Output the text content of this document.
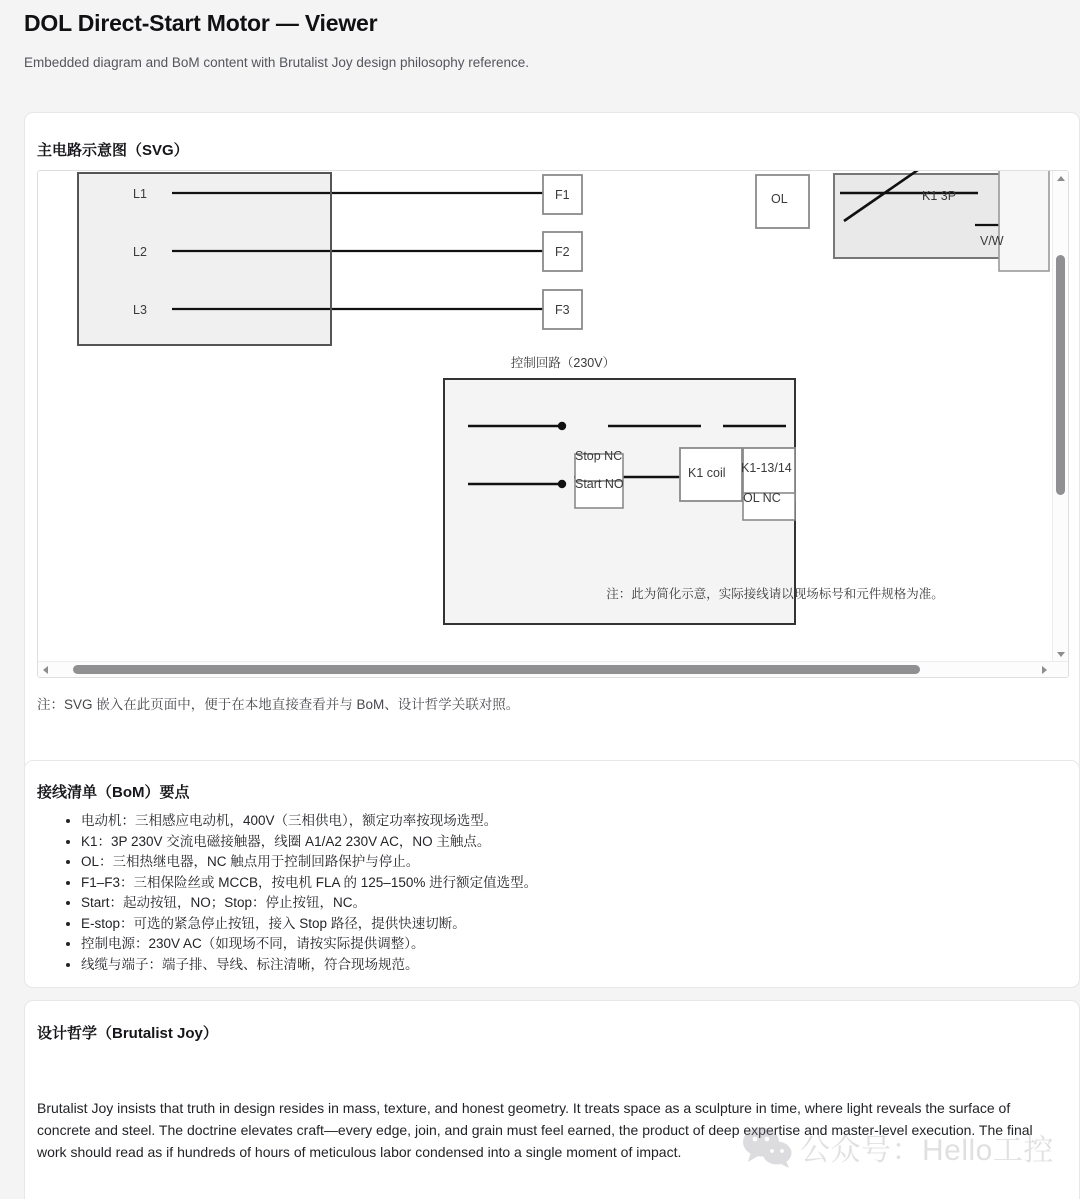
DOL Direct-Start Motor — Viewer

Embedded diagram and BoM content with Brutalist Joy design philosophy reference.

主电路示意图（SVG）
L1
L2
L3
F1
F2
F3
OL	K1 3P
V/W
控制回路（230V）
Stop NC
Start NO
K1 coil K1-13/14
OL NC
注：此为简化示意，实际接线请以现场标号和元件规格为准。
注：SVG 嵌入在此页面中，便于在本地直接查看并与 BoM、设计哲学关联对照。
接线清单（BoM）要点
• 电动机：三相感应电动机，400V（三相供电），额定功率按现场选型。
• K1：3P 230V 交流电磁接触器，线圈 A1/A2 230V AC，NO 主触点。
• OL：三相热继电器，NC 触点用于控制回路保护与停止。
• F1–F3：三相保险丝或 MCCB，按电机 FLA 的 125–150% 进行额定值选型。
• Start：起动按钮，NO；Stop：停止按钮，NC。
• E-stop：可选的紧急停止按钮，接入 Stop 路径，提供快速切断。
• 控制电源：230V AC（如现场不同，请按实际提供调整）。
• 线缆与端子：端子排、导线、标注清晰，符合现场规范。
设计哲学（Brutalist Joy）
Brutalist Joy insists that truth in design resides in mass, texture, and honest geometry. It treats space as a sculpture in time, where light reveals the surface of concrete and steel. The doctrine elevates craft—every edge, join, and grain must feel earned, the product of deep expertise and master-level execution. The final work should read as if hundreds of hours of meticulous labor condensed into a single moment of impact.	公众号：Hello工控
